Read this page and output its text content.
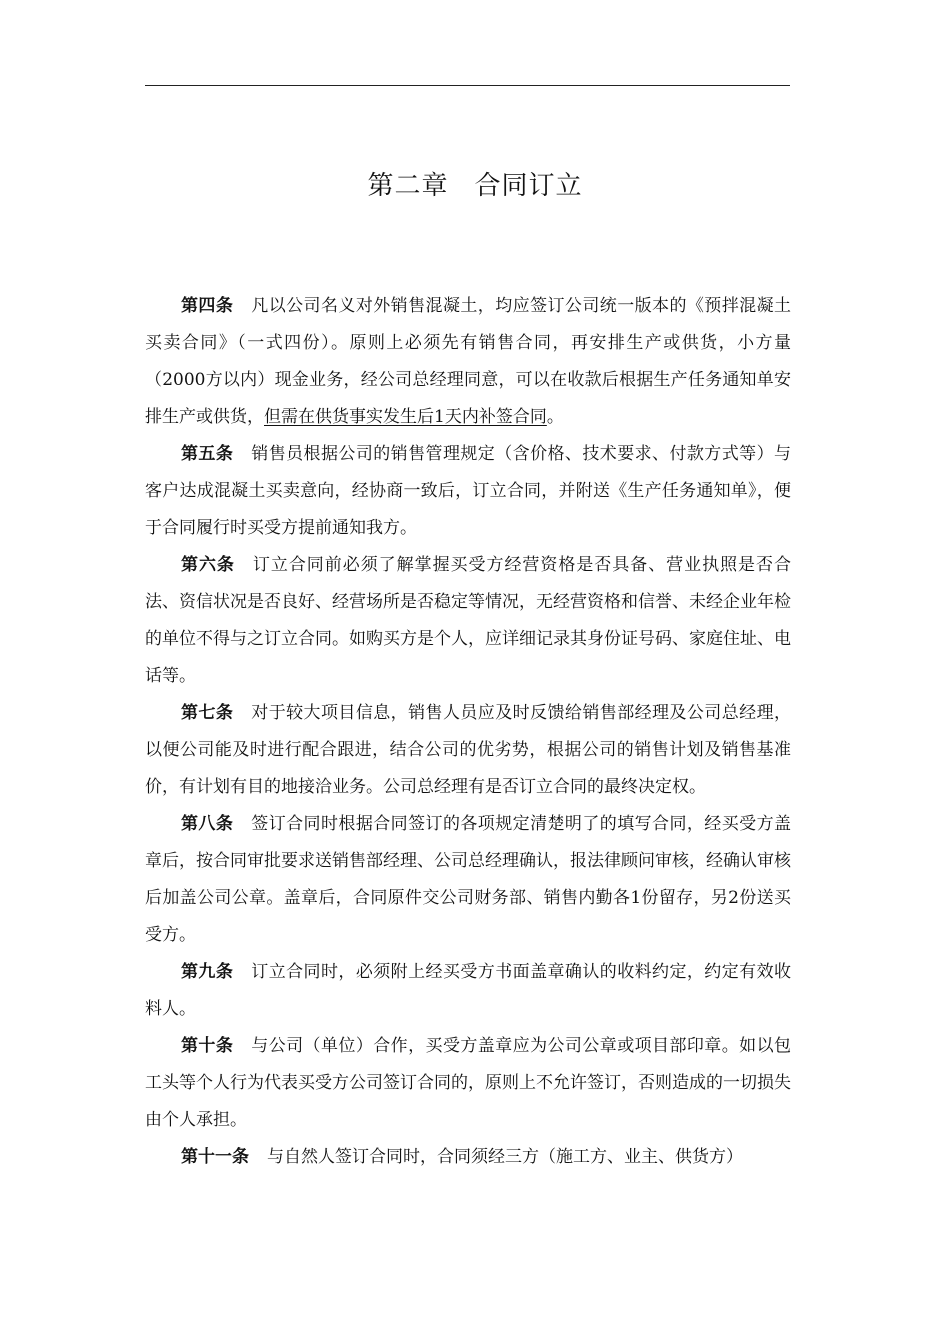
第二章 合同订立

第四条 凡以公司名义对外销售混凝土，均应签订公司统一版本的《预拌混凝土买卖合同》（一式四份）。原则上必须先有销售合同，再安排生产或供货，小方量（2000方以内）现金业务，经公司总经理同意，可以在收款后根据生产任务通知单安排生产或供货，但需在供货事实发生后1天内补签合同。

第五条 销售员根据公司的销售管理规定（含价格、技术要求、付款方式等）与客户达成混凝土买卖意向，经协商一致后，订立合同，并附送《生产任务通知单》，便于合同履行时买受方提前通知我方。

第六条 订立合同前必须了解掌握买受方经营资格是否具备、营业执照是否合法、资信状况是否良好、经营场所是否稳定等情况，无经营资格和信誉、未经企业年检的单位不得与之订立合同。如购买方是个人，应详细记录其身份证号码、家庭住址、电话等。

第七条 对于较大项目信息，销售人员应及时反馈给销售部经理及公司总经理，以便公司能及时进行配合跟进，结合公司的优劣势，根据公司的销售计划及销售基准价，有计划有目的地接洽业务。公司总经理有是否订立合同的最终决定权。

第八条 签订合同时根据合同签订的各项规定清楚明了的填写合同，经买受方盖章后，按合同审批要求送销售部经理、公司总经理确认，报法律顾问审核，经确认审核后加盖公司公章。盖章后，合同原件交公司财务部、销售内勤各1份留存，另2份送买受方。

第九条 订立合同时，必须附上经买受方书面盖章确认的收料约定，约定有效收料人。

第十条 与公司（单位）合作，买受方盖章应为公司公章或项目部印章。如以包工头等个人行为代表买受方公司签订合同的，原则上不允许签订，否则造成的一切损失由个人承担。

第十一条 与自然人签订合同时，合同须经三方（施工方、业主、供货方）
